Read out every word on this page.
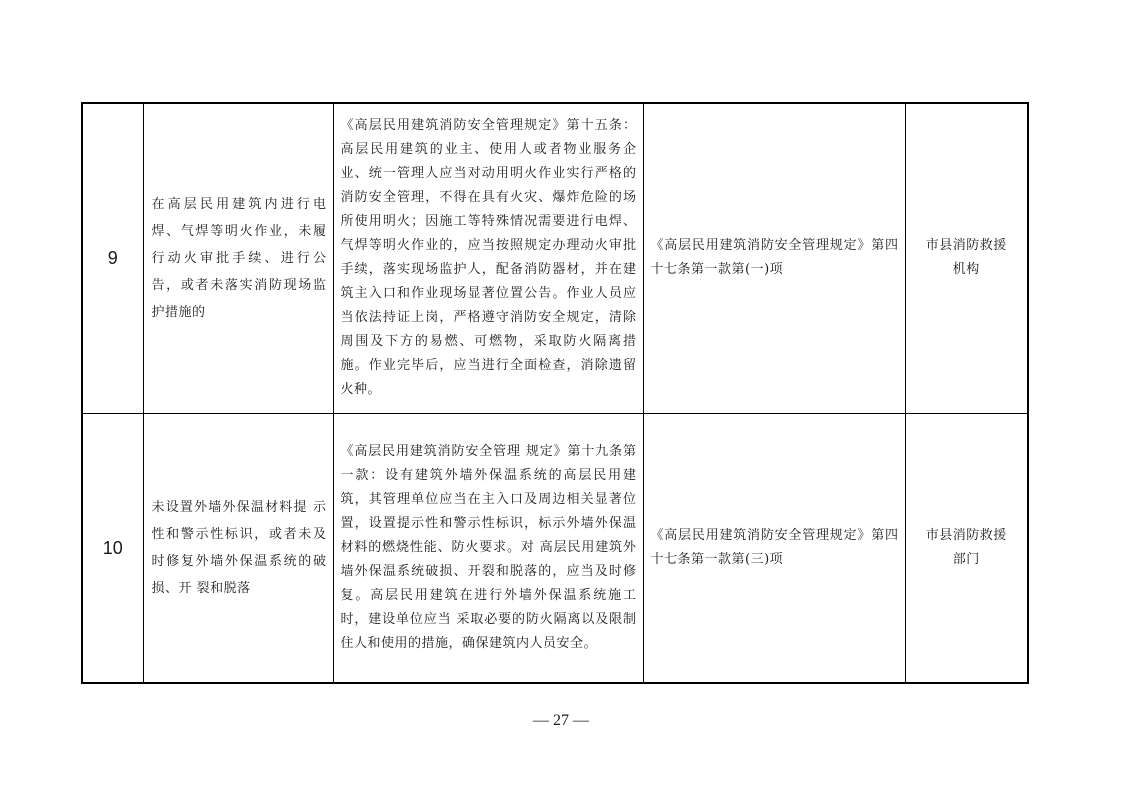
9	在高层民用建筑内进行电焊、气焊等明火作业，未履行动火审批手续、进行公告，或者未落实消防现场监护措施的	《高层民用建筑消防安全管理规定》第十五条：高层民用建筑的业主、使用人或者物业服务企业、统一管理人应当对动用明火作业实行严格的消防安全管理，不得在具有火灾、爆炸危险的场所使用明火；因施工等特殊情况需要进行电焊、气焊等明火作业的，应当按照规定办理动火审批手续，落实现场监护人，配备消防器材，并在建筑主入口和作业现场显著位置公告。作业人员应当依法持证上岗，严格遵守消防安全规定，清除周围及下方的易燃、可燃物，采取防火隔离措施。作业完毕后，应当进行全面检查，消除遗留火种。	《高层民用建筑消防安全管理规定》第四十七条第一款第(一)项	市县消防救援
机构

10	未设置外墙外保温材料提 示性和警示性标识，或者未及时修复外墙外保温系统的破损、开 裂和脱落	《高层民用建筑消防安全管理 规定》第十九条第一款：设有建筑外墙外保温系统的高层民用建筑，其管理单位应当在主入口及周边相关显著位置，设置提示性和警示性标识，标示外墙外保温材料的燃烧性能、防火要求。对 高层民用建筑外墙外保温系统破损、开裂和脱落的，应当及时修 复。高层民用建筑在进行外墙外保温系统施工时，建设单位应当 采取必要的防火隔离以及限制住人和使用的措施，确保建筑内人员安全。	《高层民用建筑消防安全管理规定》第四十七条第一款第(三)项	市县消防救援
部门
— 27 —
